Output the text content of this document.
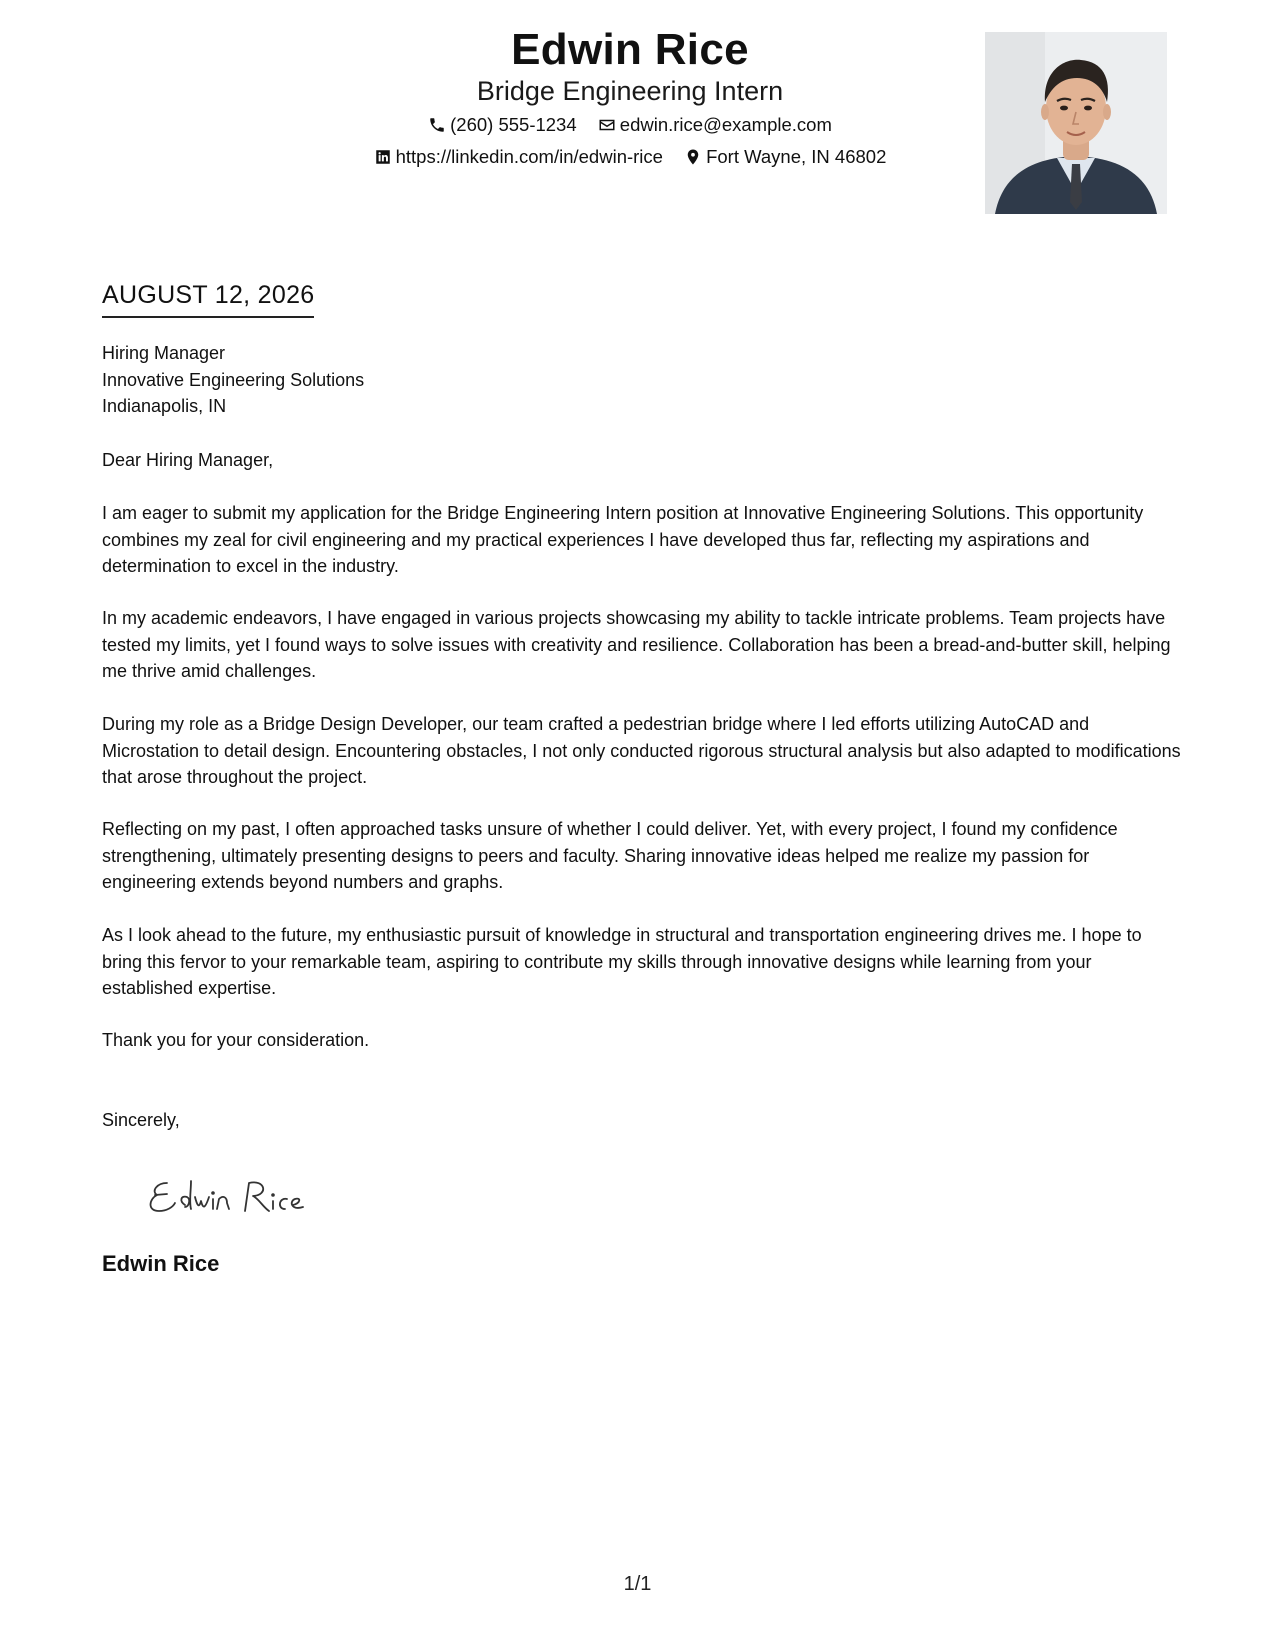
Edwin Rice
Bridge Engineering Intern
(260) 555-1234
edwin.rice@example.com
https://linkedin.com/in/edwin-rice
Fort Wayne, IN 46802
AUGUST 12, 2026
Hiring Manager
Innovative Engineering Solutions
Indianapolis, IN
Dear Hiring Manager,

I am eager to submit my application for the Bridge Engineering Intern position at Innovative Engineering Solutions. This opportunity combines my zeal for civil engineering and my practical experiences I have developed thus far, reflecting my aspirations and determination to excel in the industry.

In my academic endeavors, I have engaged in various projects showcasing my ability to tackle intricate problems. Team projects have tested my limits, yet I found ways to solve issues with creativity and resilience. Collaboration has been a bread-and-butter skill, helping me thrive amid challenges.

During my role as a Bridge Design Developer, our team crafted a pedestrian bridge where I led efforts utilizing AutoCAD and Microstation to detail design. Encountering obstacles, I not only conducted rigorous structural analysis but also adapted to modifications that arose throughout the project.

Reflecting on my past, I often approached tasks unsure of whether I could deliver. Yet, with every project, I found my confidence strengthening, ultimately presenting designs to peers and faculty. Sharing innovative ideas helped me realize my passion for engineering extends beyond numbers and graphs.

As I look ahead to the future, my enthusiastic pursuit of knowledge in structural and transportation engineering drives me. I hope to bring this fervor to your remarkable team, aspiring to contribute my skills through innovative designs while learning from your established expertise.

Thank you for your consideration.
Sincerely,
Edwin Rice
1/1
